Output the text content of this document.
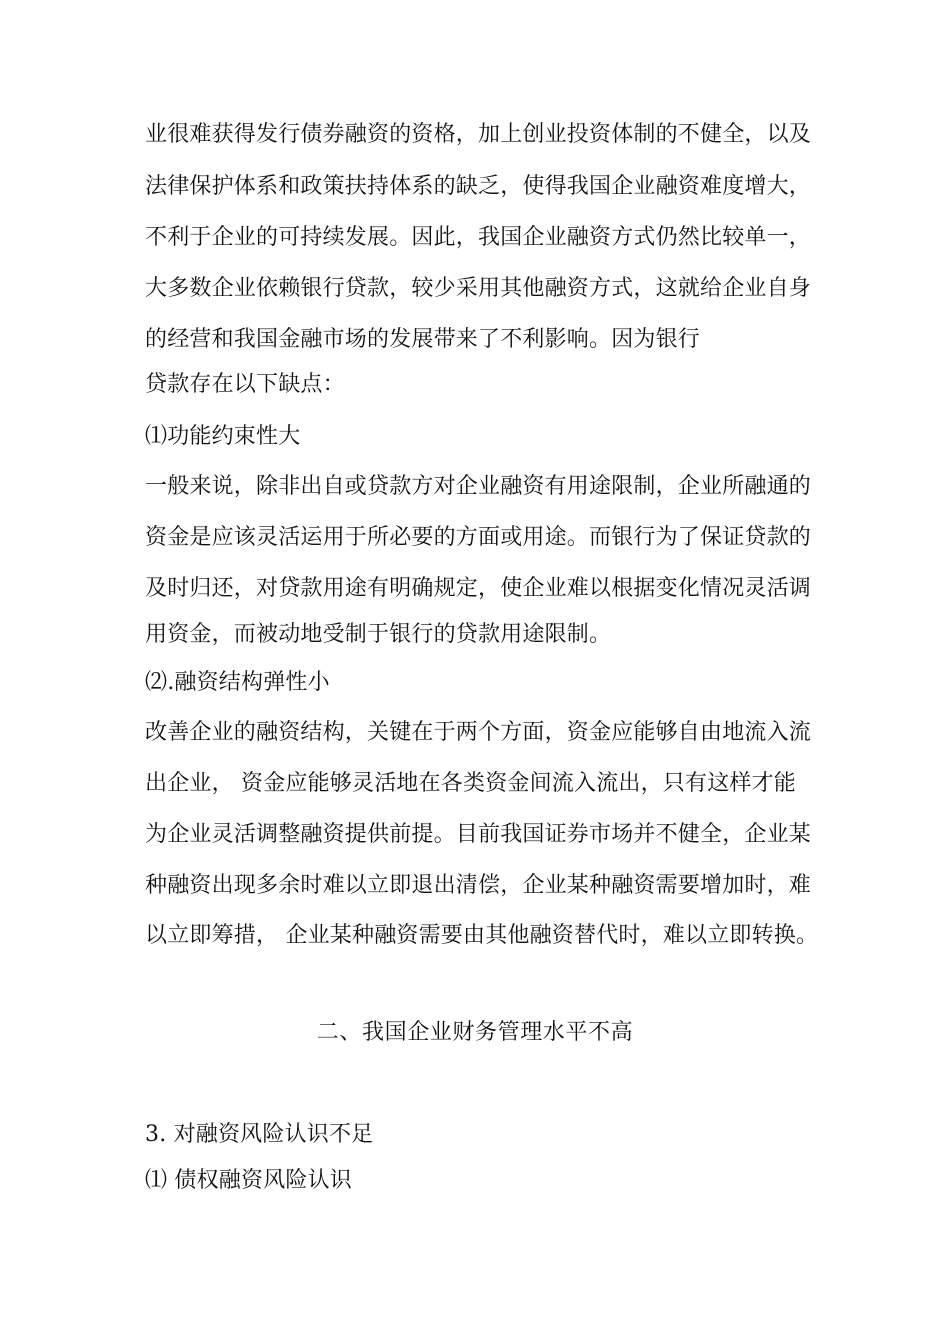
业很难获得发行债券融资的资格，加上创业投资体制的不健全，以及
法律保护体系和政策扶持体系的缺乏，使得我国企业融资难度增大，
不利于企业的可持续发展。因此，我国企业融资方式仍然比较单一，
大多数企业依赖银行贷款，较少采用其他融资方式，这就给企业自身
的经营和我国金融市场的发展带来了不利影响。因为银行
贷款存在以下缺点：
⑴功能约束性大
一般来说，除非出自或贷款方对企业融资有用途限制，企业所融通的
资金是应该灵活运用于所必要的方面或用途。而银行为了保证贷款的
及时归还，对贷款用途有明确规定，使企业难以根据变化情况灵活调
用资金，而被动地受制于银行的贷款用途限制。
⑵.融资结构弹性小
改善企业的融资结构，关键在于两个方面，资金应能够自由地流入流
出企业， 资金应能够灵活地在各类资金间流入流出，只有这样才能
为企业灵活调整融资提供前提。目前我国证券市场并不健全，企业某
种融资出现多余时难以立即退出清偿，企业某种融资需要增加时，难
以立即筹措， 企业某种融资需要由其他融资替代时，难以立即转换。
二、我国企业财务管理水平不高
3. 对融资风险认识不足
⑴ 债权融资风险认识
